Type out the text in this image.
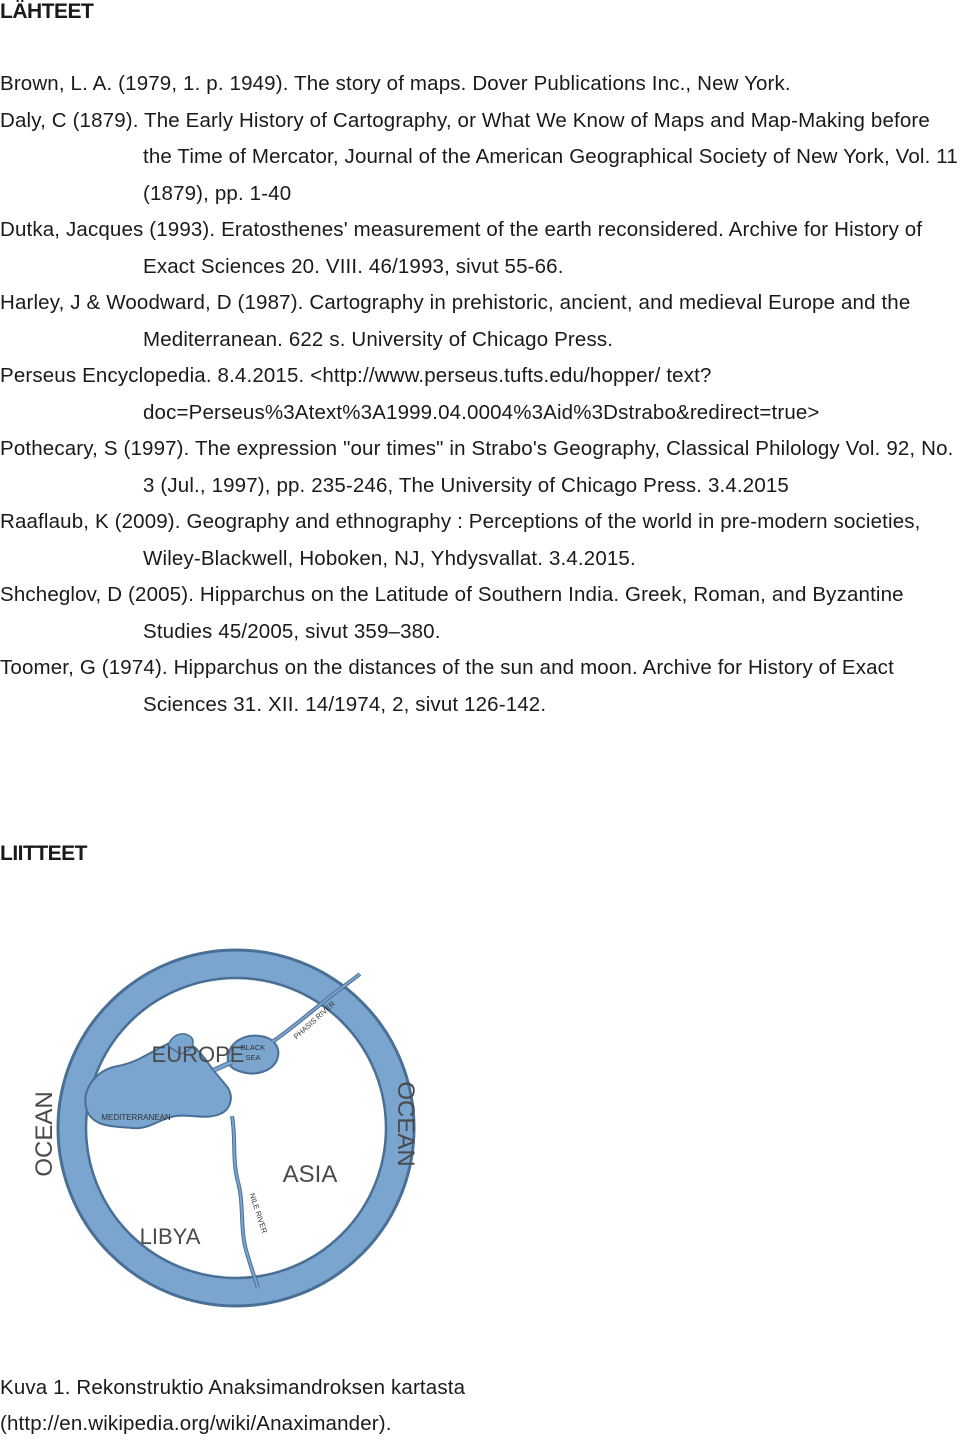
LÄHTEET
Brown, L. A. (1979, 1. p. 1949). The story of maps. Dover Publications Inc., New York.
Daly, C (1879). The Early History of Cartography, or What We Know of Maps and Map-Making before the Time of Mercator, Journal of the American Geographical Society of New York, Vol. 11 (1879), pp. 1-40
Dutka, Jacques (1993). Eratosthenes' measurement of the earth reconsidered. Archive for History of Exact Sciences 20. VIII. 46/1993, sivut 55-66.
Harley, J & Woodward, D (1987). Cartography in prehistoric, ancient, and medieval Europe and the Mediterranean. 622 s. University of Chicago Press.
Perseus Encyclopedia. 8.4.2015. <http://www.perseus.tufts.edu/hopper/ text?doc=Perseus%3Atext%3A1999.04.0004%3Aid%3Dstrabo&redirect=true>
Pothecary, S (1997). The expression "our times" in Strabo's Geography, Classical Philology Vol. 92, No. 3 (Jul., 1997), pp. 235-246, The University of Chicago Press. 3.4.2015
Raaflaub, K (2009). Geography and ethnography : Perceptions of the world in pre-modern societies, Wiley-Blackwell, Hoboken, NJ, Yhdysvallat. 3.4.2015.
Shcheglov, D (2005). Hipparchus on the Latitude of Southern India. Greek, Roman, and Byzantine Studies 45/2005, sivut 359–380.
Toomer, G (1974). Hipparchus on the distances of the sun and moon. Archive for History of Exact Sciences 31. XII. 14/1974, 2, sivut 126-142.
LIITTEET
EUROPE
ASIA
LIBYA
MEDITERRANEAN
BLACK
SEA
PHASIS RIVER
NILE RIVER
OCEAN	OCEAN
Kuva 1. Rekonstruktio Anaksimandroksen kartasta
(http://en.wikipedia.org/wiki/Anaximander).
